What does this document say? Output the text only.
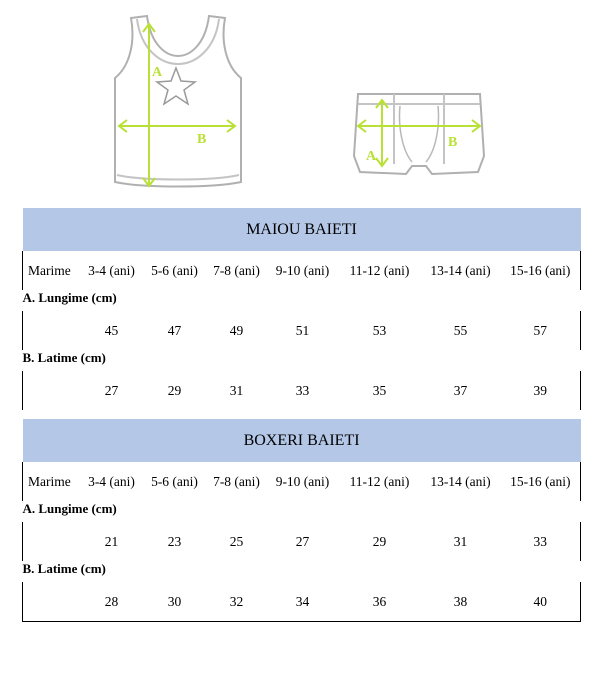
A
B
A
B
MAIOU BAIETI							
Marime	3-4 (ani)	5-6 (ani)	7-8 (ani)	9-10 (ani)	11-12 (ani)	13-14 (ani)	15-16 (ani)
A. Lungime (cm)							
	45	47	49	51	53	55	57
B. Latime (cm)							
	27	29	31	33	35	37	39
BOXERI BAIETI							
Marime	3-4 (ani)	5-6 (ani)	7-8 (ani)	9-10 (ani)	11-12 (ani)	13-14 (ani)	15-16 (ani)
A. Lungime (cm)							
	21	23	25	27	29	31	33
B. Latime (cm)							
	28	30	32	34	36	38	40
